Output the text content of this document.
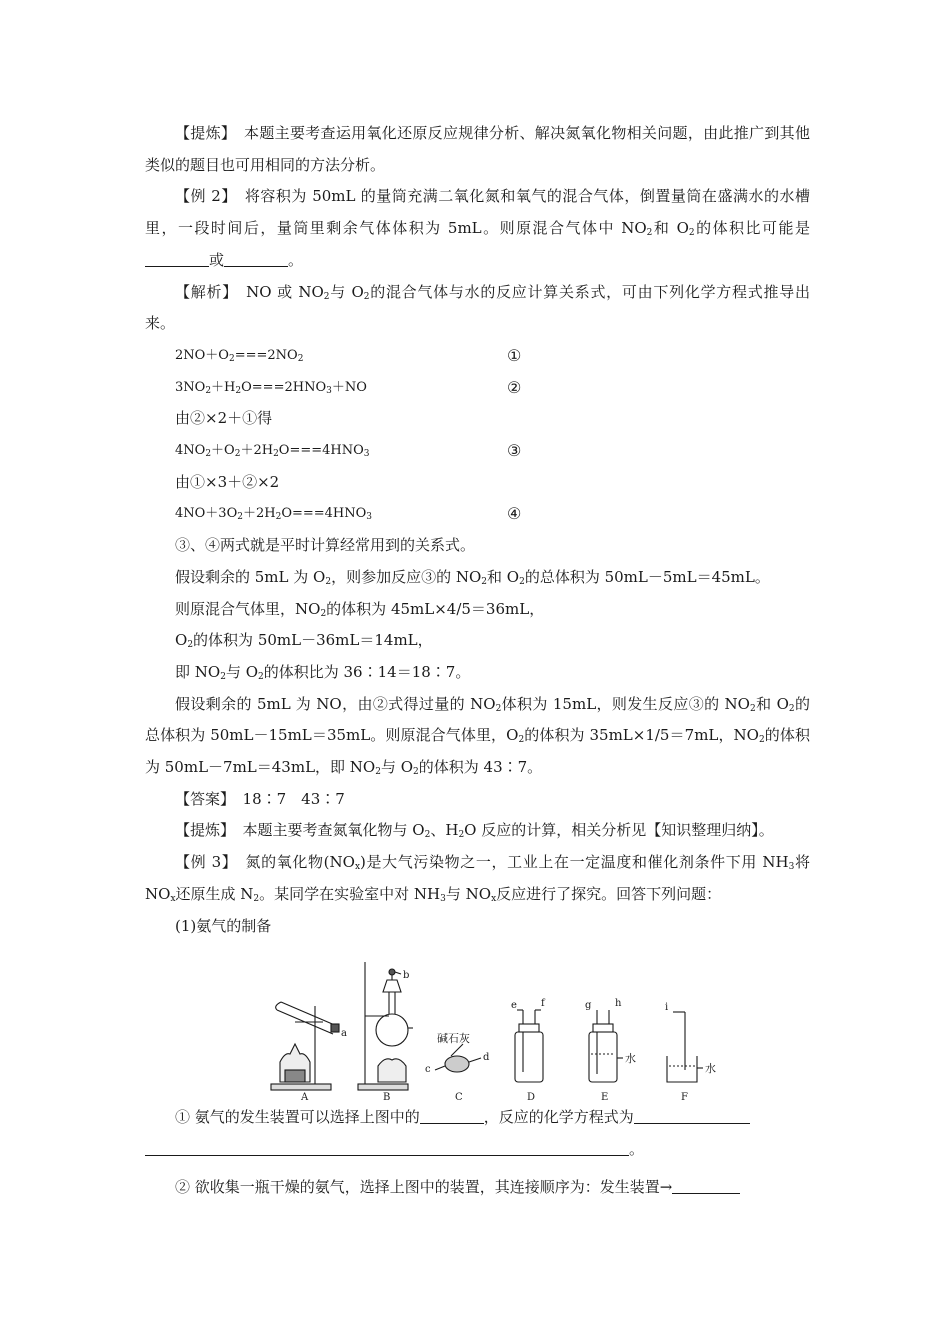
【提炼】　 本题主要考查运用氧化还原反应规律分析、解决氮氧化物相关问题，由此推广到其他类似的题目也可用相同的方法分析。

【例 2】　 将容积为 50mL 的量筒充满二氧化氮和氧气的混合气体，倒置量筒在盛满水的水槽里，一段时间后，量筒里剩余气体体积为 5mL。则原混合气体中 $NO_2$和 $O_2$的体积比可能是或	。

【解析】　 NO 或 $NO_2$与 $O_2$的混合气体与水的反应计算关系式，可由下列化学方程式推导出来。

$2NO+O_2===2NO_2$	①

$3NO_2+H_2O===2HNO_3+NO$	②

由②×2＋①得

$4NO_2+O_2+2H_2O===4HNO_3$	③

由①×3＋②×2

$4NO+3O_2+2H_2O===4HNO_3$	④

③、④两式就是平时计算经常用到的关系式。

假设剩余的 5mL 为 $O_2$，则参加反应③的 $NO_2$和 $O_2$的总体积为 50mL－5mL＝45mL。

则原混合气体里，$NO_2$的体积为 45mL×4/5＝36mL，

$O_2$的体积为 50mL－36mL＝14mL，

即 $NO_2$与 $O_2$的体积比为 36∶14＝18∶7。

假设剩余的 5mL 为 NO，由②式得过量的 $NO_2$体积为 15mL，则发生反应③的 $NO_2$和 $O_2$的总体积为 50mL－15mL＝35mL。则原混合气体里，$O_2$的体积为 35mL×1/5＝7mL，$NO_2$的体积为 50mL－7mL＝43mL，即 $NO_2$与 $O_2$的体积为 43∶7。

【答案】　 18∶7　43∶7

【提炼】　 本题主要考查氮氧化物与 $O_2$、$H_2O$ 反应的计算，相关分析见【知识整理归纳】。

【例 3】　 氮的氧化物$(NO_x)$是大气污染物之一，工业上在一定温度和催化剂条件下用 $NH_3$将 $NO_x$还原生成 $N_2$。某同学在实验室中对 $NH_3$与 $NO_x$反应进行了探究。回答下列问题：

(1)氨气的制备

A	B	C	D	E	F
a
b
c
d
e f	g h	i
碱石灰
水
水

① 氨气的发生装置可以选择上图中的	，反应的化学方程式为

。

② 欲收集一瓶干燥的氨气，选择上图中的装置，其连接顺序为：发生装置→
